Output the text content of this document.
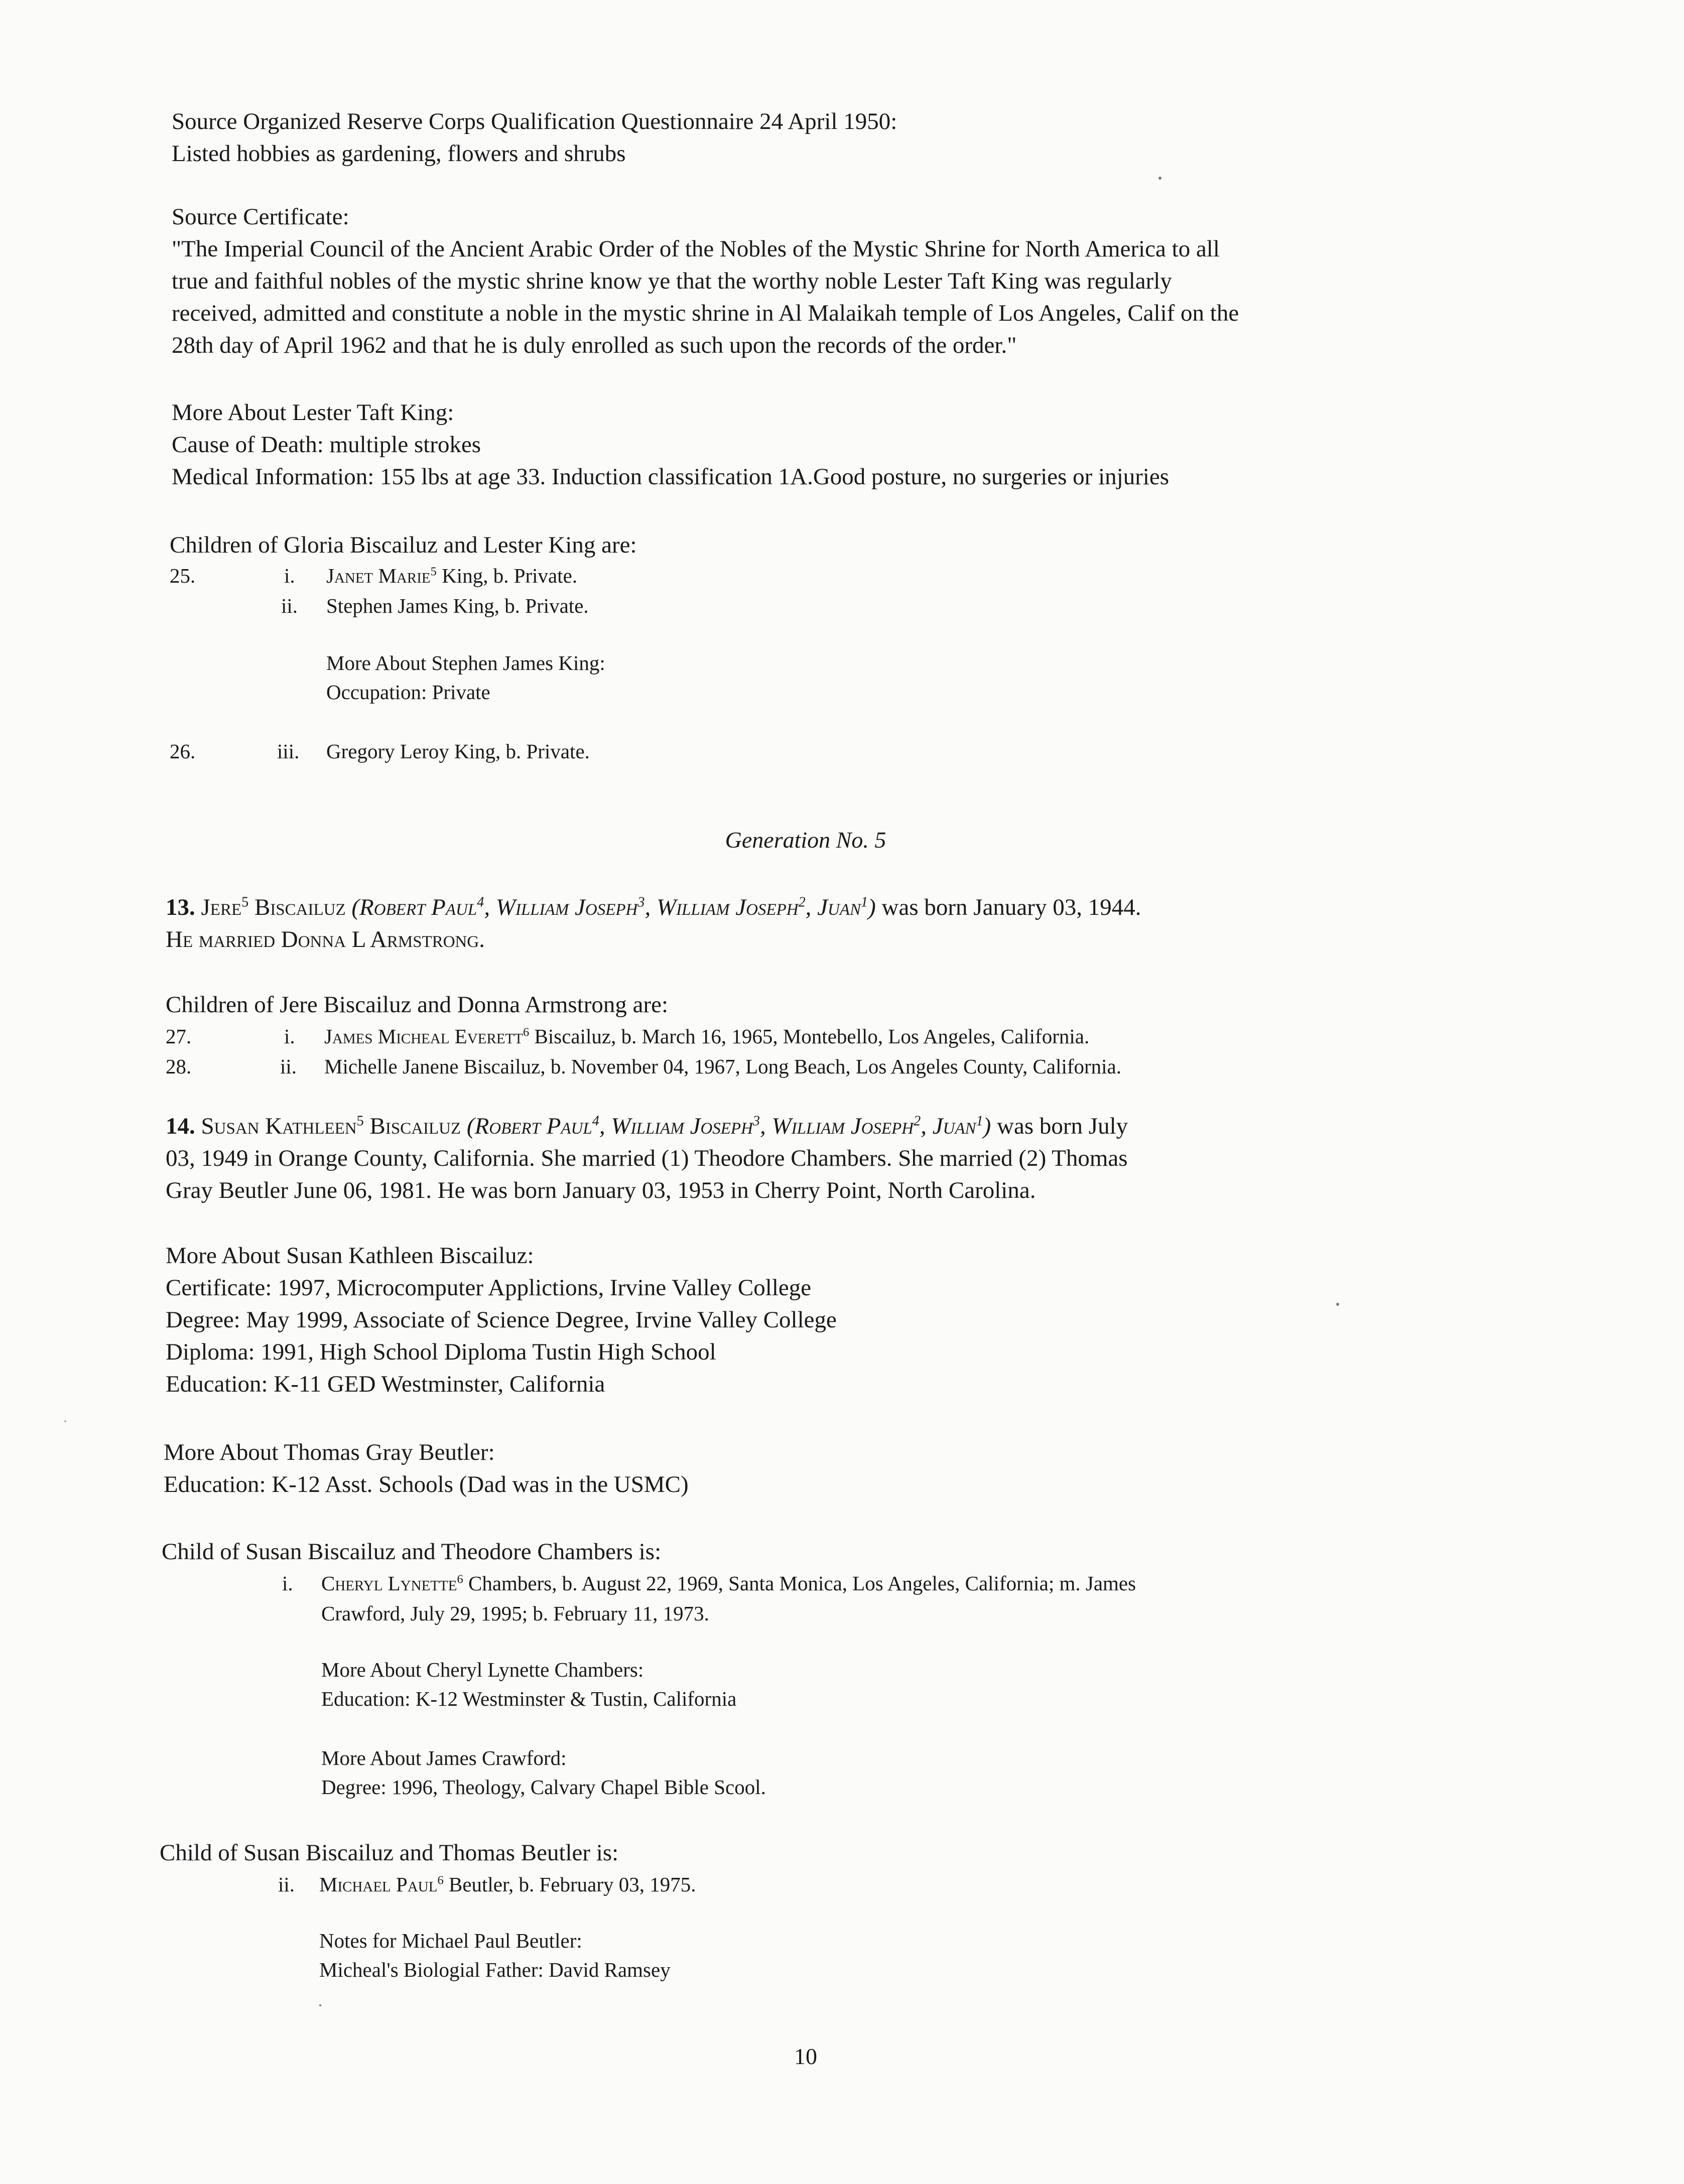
Source Organized Reserve Corps Qualification Questionnaire 24 April 1950:
Listed hobbies as gardening, flowers and shrubs
Source Certificate:
"The Imperial Council of the Ancient Arabic Order of the Nobles of the Mystic Shrine for North America to all
true and faithful nobles of the mystic shrine know ye that the worthy noble Lester Taft King was regularly
received, admitted and constitute a noble in the mystic shrine in Al Malaikah temple of Los Angeles, Calif on the
28th day of April 1962 and that he is duly enrolled as such upon the records of the order."
More About Lester Taft King:
Cause of Death: multiple strokes
Medical Information: 155 lbs at age 33. Induction classification 1A.Good posture, no surgeries or injuries
Children of Gloria Biscailuz and Lester King are:
25.	i. Janet Marie$^5$ King, b. Private.
ii. Stephen James King, b. Private.
More About Stephen James King:
Occupation: Private
26.	iii. Gregory Leroy King, b. Private.
Generation No. 5
13. Jere$^5$ Biscailuz (Robert Paul$^4$, William Joseph$^3$, William Joseph$^2$, Juan$^1$) was born January 03, 1944.
He married Donna L Armstrong.
Children of Jere Biscailuz and Donna Armstrong are:
27.	i. James Micheal Everett$^6$ Biscailuz, b. March 16, 1965, Montebello, Los Angeles, California.
28.	ii. Michelle Janene Biscailuz, b. November 04, 1967, Long Beach, Los Angeles County, California.
14. Susan Kathleen$^5$ Biscailuz (Robert Paul$^4$, William Joseph$^3$, William Joseph$^2$, Juan$^1$) was born July
03, 1949 in Orange County, California. She married (1) Theodore Chambers. She married (2) Thomas
Gray Beutler June 06, 1981. He was born January 03, 1953 in Cherry Point, North Carolina.
More About Susan Kathleen Biscailuz:
Certificate: 1997, Microcomputer Applictions, Irvine Valley College
Degree: May 1999, Associate of Science Degree, Irvine Valley College
Diploma: 1991, High School Diploma Tustin High School
Education: K-11 GED Westminster, California
More About Thomas Gray Beutler:
Education: K-12 Asst. Schools (Dad was in the USMC)
Child of Susan Biscailuz and Theodore Chambers is:
i. Cheryl Lynette$^6$ Chambers, b. August 22, 1969, Santa Monica, Los Angeles, California; m. James
Crawford, July 29, 1995; b. February 11, 1973.
More About Cheryl Lynette Chambers:
Education: K-12 Westminster & Tustin, California
More About James Crawford:
Degree: 1996, Theology, Calvary Chapel Bible Scool.
Child of Susan Biscailuz and Thomas Beutler is:
ii. Michael Paul$^6$ Beutler, b. February 03, 1975.
Notes for Michael Paul Beutler:
Micheal's Biologial Father: David Ramsey
10
